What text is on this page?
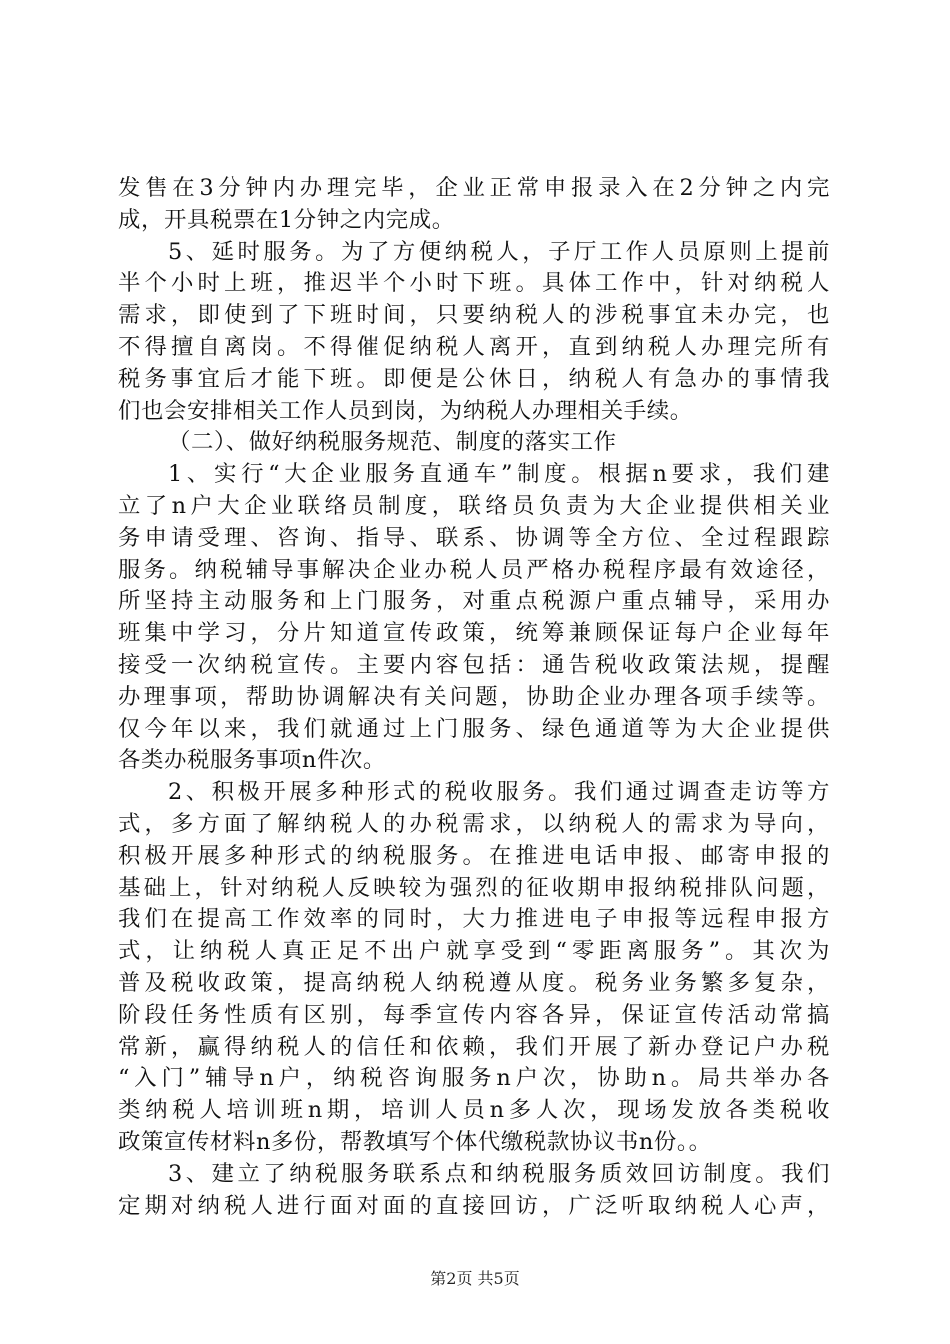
发售在3分钟内办理完毕，企业正常申报录入在2分钟之内完
成，开具税票在1分钟之内完成。
5、延时服务。为了方便纳税人，子厅工作人员原则上提前
半个小时上班，推迟半个小时下班。具体工作中，针对纳税人
需求，即使到了下班时间，只要纳税人的涉税事宜未办完，也
不得擅自离岗。不得催促纳税人离开，直到纳税人办理完所有
税务事宜后才能下班。即便是公休日，纳税人有急办的事情我
们也会安排相关工作人员到岗，为纳税人办理相关手续。
（二）、做好纳税服务规范、制度的落实工作
1、实行“大企业服务直通车”制度。根据n要求，我们建
立了n户大企业联络员制度，联络员负责为大企业提供相关业
务申请受理、咨询、指导、联系、协调等全方位、全过程跟踪
服务。纳税辅导事解决企业办税人员严格办税程序最有效途径，
所坚持主动服务和上门服务，对重点税源户重点辅导，采用办
班集中学习，分片知道宣传政策，统筹兼顾保证每户企业每年
接受一次纳税宣传。主要内容包括：通告税收政策法规，提醒
办理事项，帮助协调解决有关问题，协助企业办理各项手续等。
仅今年以来，我们就通过上门服务、绿色通道等为大企业提供
各类办税服务事项n件次。
2、积极开展多种形式的税收服务。我们通过调查走访等方
式，多方面了解纳税人的办税需求，以纳税人的需求为导向，
积极开展多种形式的纳税服务。在推进电话申报、邮寄申报的
基础上，针对纳税人反映较为强烈的征收期申报纳税排队问题，
我们在提高工作效率的同时，大力推进电子申报等远程申报方
式，让纳税人真正足不出户就享受到“零距离服务”。其次为
普及税收政策，提高纳税人纳税遵从度。税务业务繁多复杂，
阶段任务性质有区别，每季宣传内容各异，保证宣传活动常搞
常新，赢得纳税人的信任和依赖，我们开展了新办登记户办税
“入门”辅导n户，纳税咨询服务n户次，协助n。局共举办各
类纳税人培训班n期，培训人员n多人次，现场发放各类税收
政策宣传材料n多份，帮教填写个体代缴税款协议书n份。。
3、建立了纳税服务联系点和纳税服务质效回访制度。我们
定期对纳税人进行面对面的直接回访，广泛听取纳税人心声，
第2页 共5页
